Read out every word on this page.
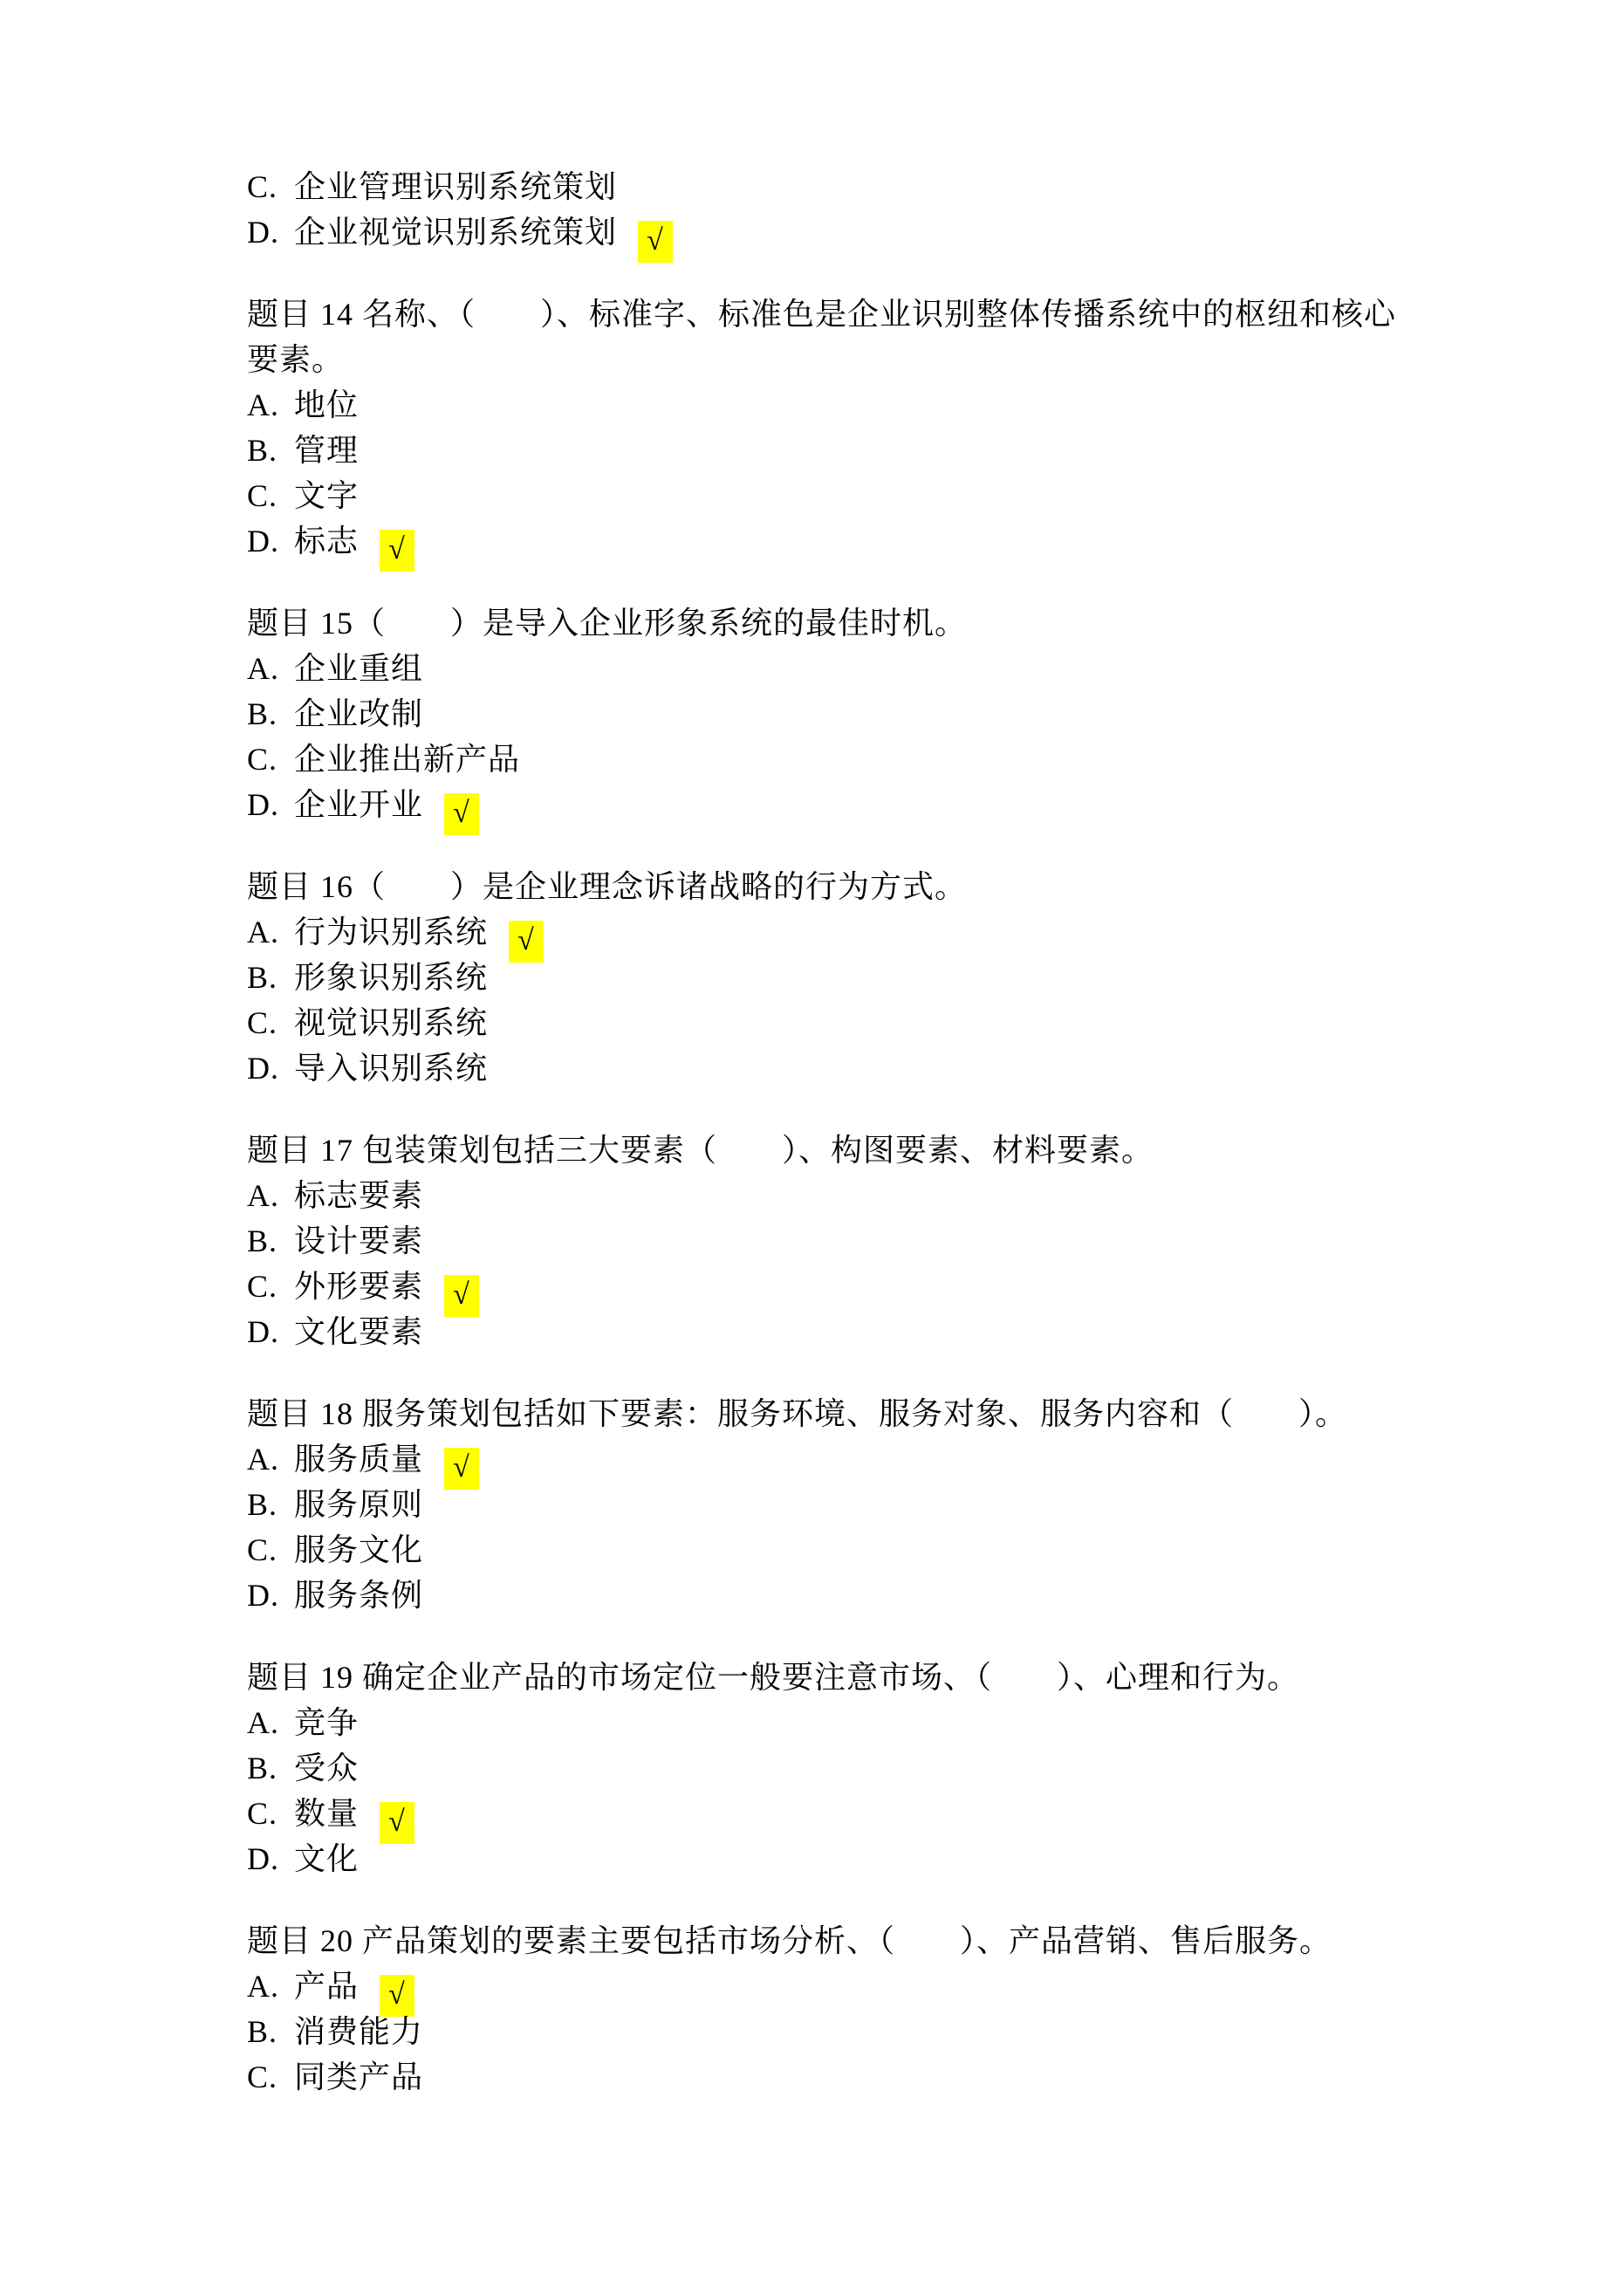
C. 企业管理识别系统策划
D. 企业视觉识别系统策划 √
题目 14 名称、（　　）、标准字、标准色是企业识别整体传播系统中的枢纽和核心
要素。
A. 地位
B. 管理
C. 文字
D. 标志 √
题目 15（　　）是导入企业形象系统的最佳时机。
A. 企业重组
B. 企业改制
C. 企业推出新产品
D. 企业开业 √
题目 16（　　）是企业理念诉诸战略的行为方式。
A. 行为识别系统 √
B. 形象识别系统
C. 视觉识别系统
D. 导入识别系统
题目 17 包装策划包括三大要素（　　）、构图要素、材料要素。
A. 标志要素
B. 设计要素
C. 外形要素 √
D. 文化要素
题目 18 服务策划包括如下要素：服务环境、服务对象、服务内容和（　　）。
A. 服务质量 √
B. 服务原则
C. 服务文化
D. 服务条例
题目 19 确定企业产品的市场定位一般要注意市场、（　　）、心理和行为。
A. 竞争
B. 受众
C. 数量 √
D. 文化
题目 20 产品策划的要素主要包括市场分析、（　　）、产品营销、售后服务。
A. 产品 √
B. 消费能力
C. 同类产品
